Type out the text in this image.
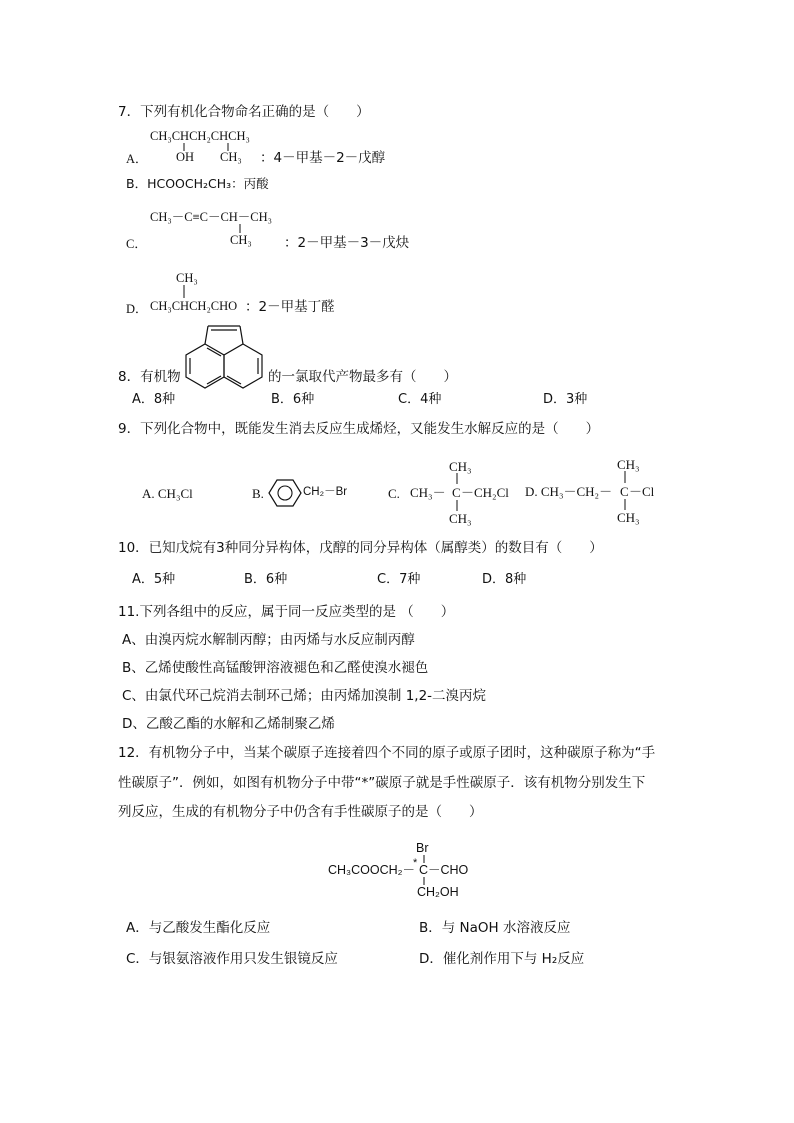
7．下列有机化合物命名正确的是（　　）
CH₃CHCH₂CHCH₃
A． OH CH₃ ：4－甲基－2－戊醇
B．HCOOCH₂CH₃：丙酸
CH₃－C≡C－CH－CH₃
CH₃
C．	：2－甲基－3－戊炔
CH₃
D． CH₃CHCH₂CHO ：2－甲基丁醛
8．有机物	的一氯取代产物最多有（　　）
A．8种	B．6种	C．4种	D．3种
9．下列化合物中，既能发生消去反应生成烯烃，又能发生水解反应的是（　　）
A. CH₃Cl	B.	CH₂－Br	C.
CH₃
CH₃－ C －CH₂Cl
CH₃
D. CH₃－CH₂－
CH₃
C －Cl
CH₃
10．已知戊烷有3种同分异构体，戊醇的同分异构体（属醇类）的数目有（　　）
A．5种	B．6种	C．7种	D．8种
11.下列各组中的反应，属于同一反应类型的是 （　　）
A、由溴丙烷水解制丙醇；由丙烯与水反应制丙醇
B、乙烯使酸性高锰酸钾溶液褪色和乙醛使溴水褪色
C、由氯代环己烷消去制环己烯；由丙烯加溴制 1,2-二溴丙烷
D、乙酸乙酯的水解和乙烯制聚乙烯
12．有机物分子中，当某个碳原子连接着四个不同的原子或原子团时，这种碳原子称为“手
性碳原子”．例如，如图有机物分子中带“*”碳原子就是手性碳原子．该有机物分别发生下
列反应，生成的有机物分子中仍含有手性碳原子的是（　　）
Br
CH₃COOCH₂－
* C －CHO
CH₂OH
A．与乙酸发生酯化反应	B．与 NaOH 水溶液反应
C．与银氨溶液作用只发生银镜反应	D．催化剂作用下与 H₂反应
